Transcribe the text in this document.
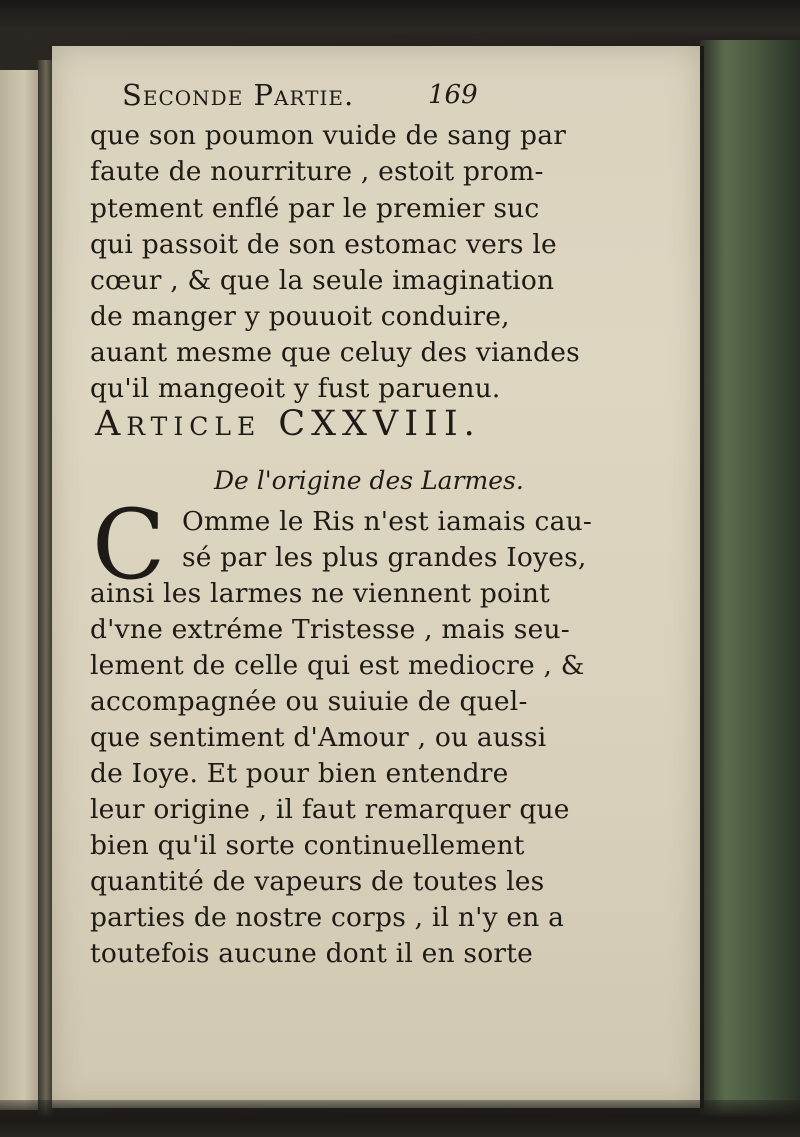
Seconde Partie.	169
que son poumon vuide de sang par
faute de nourriture , estoit prom-
ptement enflé par le premier suc
qui passoit de son estomac vers le
cœur , & que la seule imagination
de manger y pouuoit conduire,
auant mesme que celuy des viandes
qu'il mangeoit y fust paruenu.
Article CXXVIII.
De l'origine des Larmes.
C Omme le Ris n'est iamais cau-
sé par les plus grandes Ioyes,
ainsi les larmes ne viennent point
d'vne extréme Tristesse , mais seu-
lement de celle qui est mediocre , &
accompagnée ou suiuie de quel-
que sentiment d'Amour , ou aussi
de Ioye. Et pour bien entendre
leur origine , il faut remarquer que
bien qu'il sorte continuellement
quantité de vapeurs de toutes les
parties de nostre corps , il n'y en a
toutefois aucune dont il en sorte
